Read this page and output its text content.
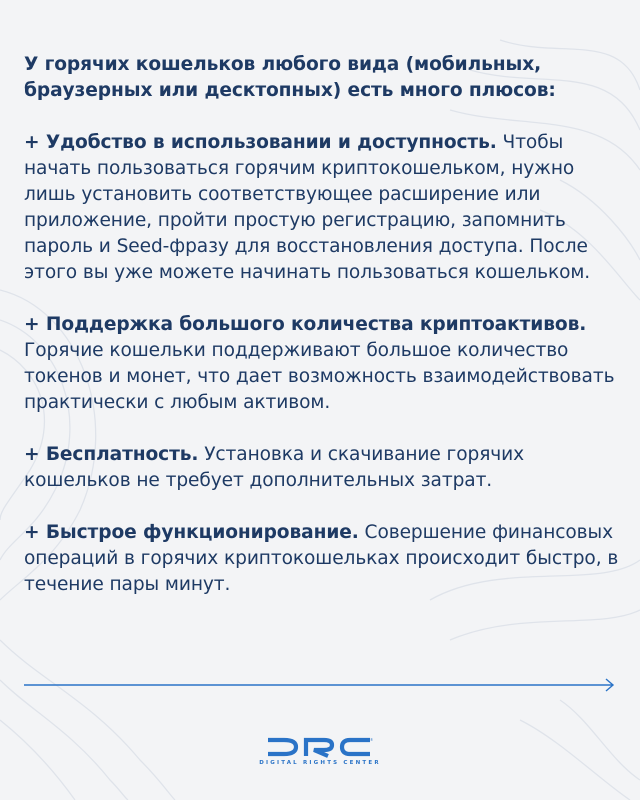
У горячих кошельков любого вида (мобильных, браузерных или десктопных) есть много плюсов:

+ Удобство в использовании и доступность. Чтобы начать пользоваться горячим криптокошельком, нужно лишь установить соответствующее расширение или приложение, пройти простую регистрацию, запомнить пароль и Seed-фразу для восстановления доступа. После этого вы уже можете начинать пользоваться кошельком.

+ Поддержка большого количества криптоактивов. Горячие кошельки поддерживают большое количество токенов и монет, что дает возможность взаимодействовать практически с любым активом.

+ Бесплатность. Установка и скачивание горячих кошельков не требует дополнительных затрат.

+ Быстрое функционирование. Совершение финансовых операций в горячих криптокошельках происходит быстро, в течение пары минут.

®
DIGITAL RIGHTS CENTER
